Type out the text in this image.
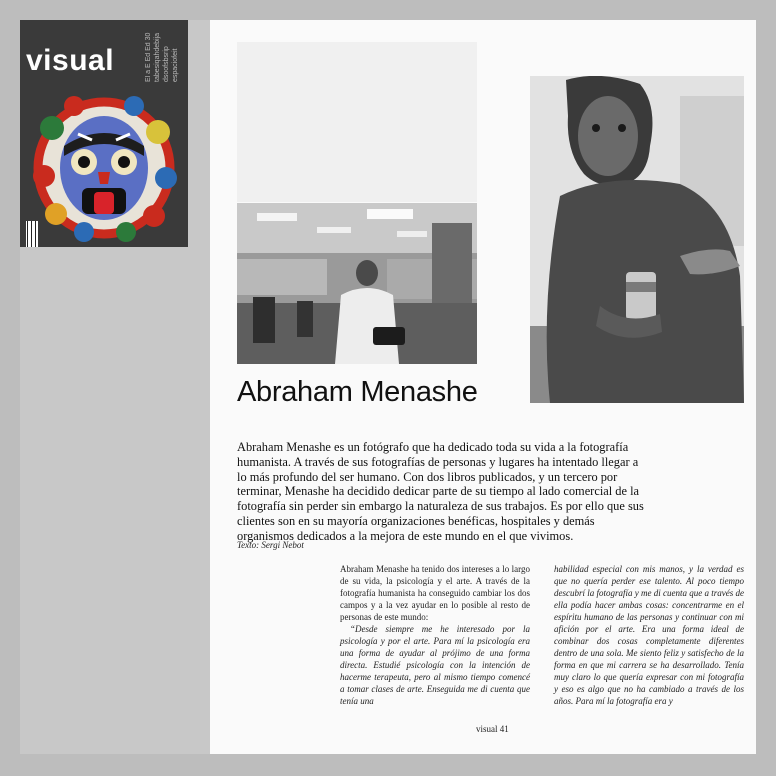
visual	El a E Ed Ed 30 tabesiqahdebija dsoofsbsrip espaciofeit
Abraham Menashe
Abraham Menashe es un fotógrafo que ha dedicado toda su vida a la fotografía humanista. A través de sus fotografías de personas y lugares ha intentado llegar a lo más profundo del ser humano. Con dos libros publicados, y un tercero por terminar, Menashe ha decidido dedicar parte de su tiempo al lado comercial de la fotografía sin perder sin embargo la naturaleza de sus trabajos. Es por ello que sus clientes son en su mayoría organizaciones benéficas, hospitales y demás organismos dedicados a la mejora de este mundo en el que vivimos.
Texto: Sergi Nebot

Abraham Menashe ha tenido dos intereses a lo largo de su vida, la psicología y el arte. A través de la fotografía humanista ha conseguido cambiar los dos campos y a la vez ayudar en lo posible al resto de personas de este mundo:

“Desde siempre me he interesado por la psicología y por el arte. Para mí la psicología era una forma de ayudar al prójimo de una forma directa. Estudié psicología con la intención de hacerme terapeuta, pero al mismo tiempo comencé a tomar clases de arte. Enseguida me di cuenta que tenía una

habilidad especial con mis manos, y la verdad es que no quería perder ese talento. Al poco tiempo descubrí la fotografía y me di cuenta que a través de ella podía hacer ambas cosas: concentrarme en el espíritu humano de las personas y continuar con mi afición por el arte. Era una forma ideal de combinar dos cosas completamente diferentes dentro de una sola. Me siento feliz y satisfecho de la forma en que mi carrera se ha desarrollado. Tenía muy claro lo que quería expresar con mi fotografía y eso es algo que no ha cambiado a través de los años. Para mí la fotografía era y

visual 41
